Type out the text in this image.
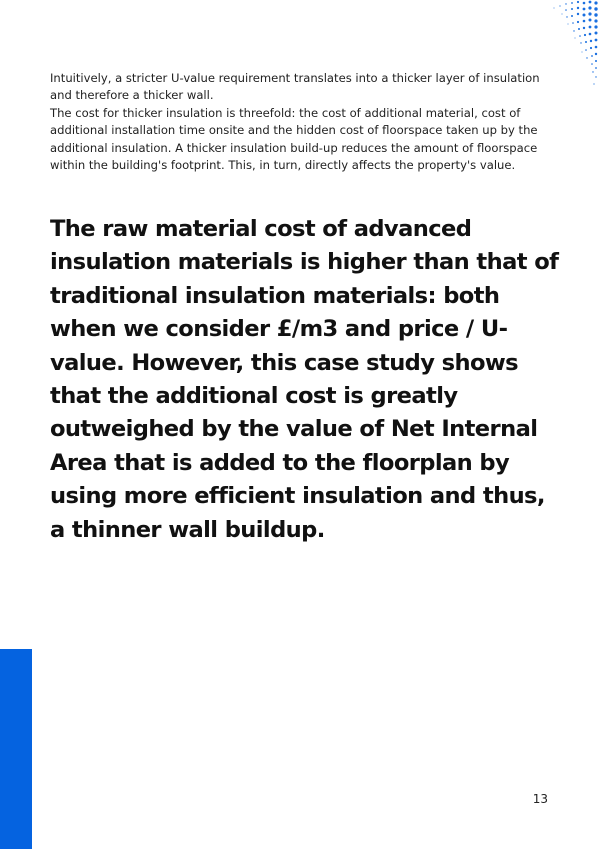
Intuitively, a stricter U-value requirement translates into a thicker layer of insulation and therefore a thicker wall.

The cost for thicker insulation is threefold: the cost of additional material, cost of additional installation time onsite and the hidden cost of floorspace taken up by the additional insulation. A thicker insulation build-up reduces the amount of floorspace within the building's footprint. This, in turn, directly affects the property's value.

The raw material cost of advanced insulation materials is higher than that of traditional insulation materials: both when we consider £/m3 and price / U-value. However, this case study shows that the additional cost is greatly outweighed by the value of Net Internal Area that is added to the floorplan by using more efficient insulation and thus, a thinner wall buildup.

13
